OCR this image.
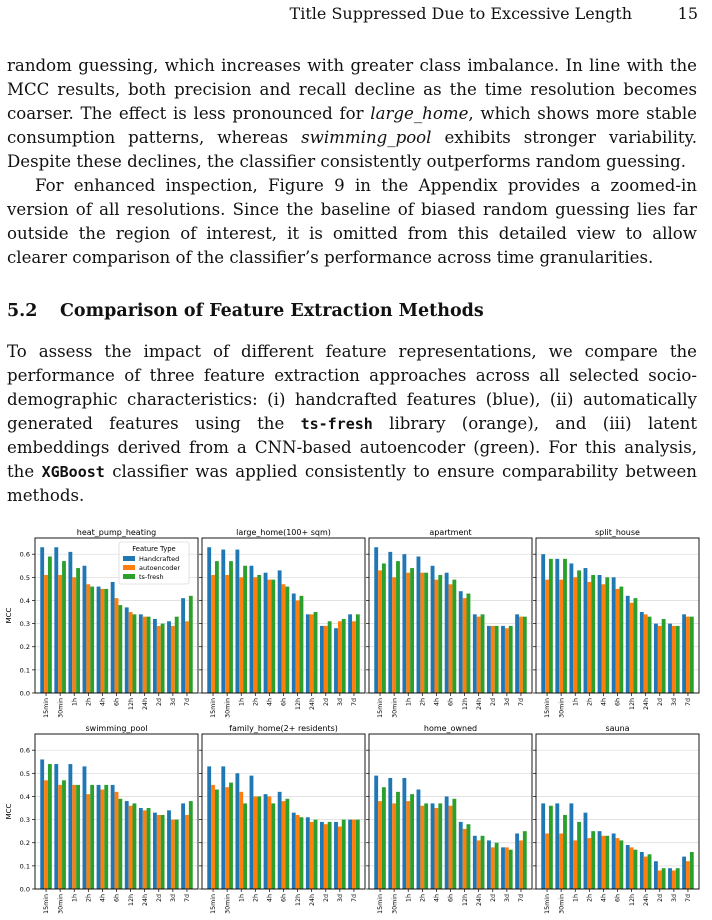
Title Suppressed Due to Excessive Length	15

random guessing, which increases with greater class imbalance. In line with the MCC results, both precision and recall decline as the time resolution becomes coarser. The effect is less pronounced for large_home, which shows more stable consumption patterns, whereas swimming_pool exhibits stronger variability. Despite these declines, the classifier consistently outperforms random guessing.

For enhanced inspection, Figure 9 in the Appendix provides a zoomed-in version of all resolutions. Since the baseline of biased random guessing lies far outside the region of interest, it is omitted from this detailed view to allow clearer comparison of the classifier’s performance across time granularities.

5.2 Comparison of Feature Extraction Methods

To assess the impact of different feature representations, we compare the performance of three feature extraction approaches across all selected socio-demographic characteristics: (i) handcrafted features (blue), (ii) automatically generated features using the ts-fresh library (orange), and (iii) latent embeddings derived from a CNN-based autoencoder (green). For this analysis, the XGBoost classifier was applied consistently to ensure comparability between methods.

heat_pump_heating
0.0
0.1
0.2
0.3
0.4
0.5
0.6
MCC
15min 30min 1h 2h 4h 6h 12h 24h 2d 3d 7d
Feature Type
Handcrafted
autoencoder
ts-fresh
large_home(100+ sqm)
15min 30min 1h 2h 4h 6h 12h 24h 2d 3d 7d
apartment
15min 30min 1h 2h 4h 6h 12h 24h 2d 3d 7d
split_house
15min 30min 1h 2h 4h 6h 12h 24h 2d 3d 7d
swimming_pool
0.0
0.1
0.2
0.3
0.4
0.5
0.6
MCC
15min 30min 1h 2h 4h 6h 12h 24h 2d 3d 7d
family_home(2+ residents)
15min 30min 1h 2h 4h 6h 12h 24h 2d 3d 7d
home_owned
15min 30min 1h 2h 4h 6h 12h 24h 2d 3d 7d
sauna
15min 30min 1h 2h 4h 6h 12h 24h 2d 3d 7d
